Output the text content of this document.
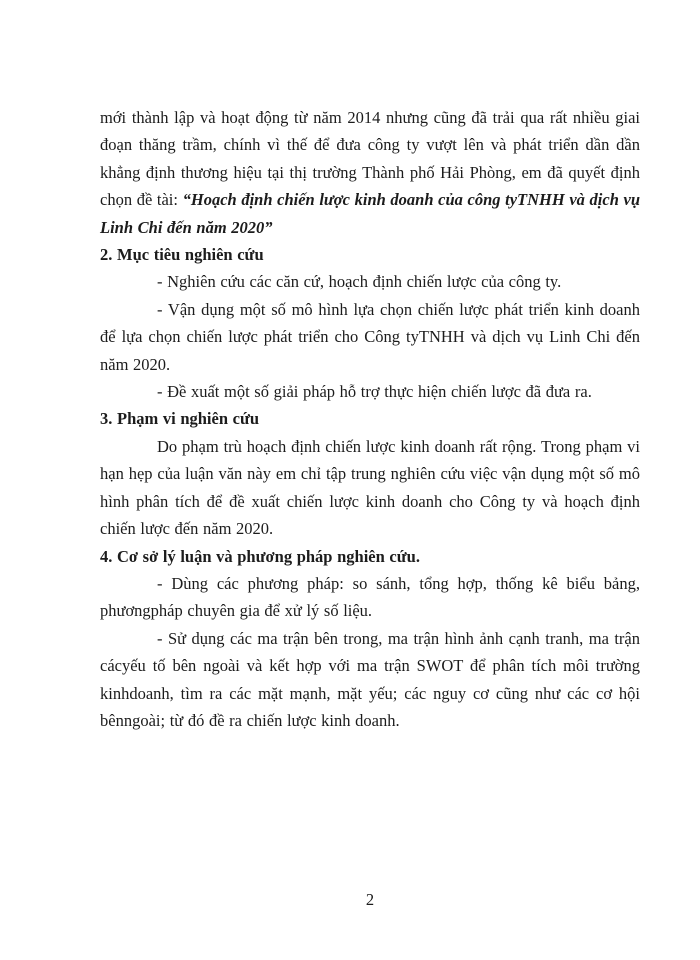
mới thành lập và hoạt động từ năm 2014 nhưng cũng đã trải qua rất nhiều giai đoạn thăng trầm, chính vì thế để đưa công ty vượt lên và phát triển dần dần khẳng định thương hiệu tại thị trường Thành phố Hải Phòng, em đã quyết định chọn đề tài: “Hoạch định chiến lược kinh doanh của công tyTNHH và dịch vụ Linh Chi đến năm 2020”

2. Mục tiêu nghiên cứu

- Nghiên cứu các căn cứ, hoạch định chiến lược của công ty.

- Vận dụng một số mô hình lựa chọn chiến lược phát triển kinh doanh để lựa chọn chiến lược phát triển cho Công tyTNHH và dịch vụ Linh Chi đến năm 2020.

- Đề xuất một số giải pháp hỗ trợ thực hiện chiến lược đã đưa ra.

3. Phạm vi nghiên cứu

Do phạm trù hoạch định chiến lược kinh doanh rất rộng. Trong phạm vi hạn hẹp của luận văn này em chỉ tập trung nghiên cứu việc vận dụng một số mô hình phân tích để đề xuất chiến lược kinh doanh cho Công ty và hoạch định chiến lược đến năm 2020.

4. Cơ sở lý luận và phương pháp nghiên cứu.

- Dùng các phương pháp: so sánh, tổng hợp, thống kê biểu bảng, phươngpháp chuyên gia để xử lý số liệu.

- Sử dụng các ma trận bên trong, ma trận hình ảnh cạnh tranh, ma trận cácyếu tố bên ngoài và kết hợp với ma trận SWOT để phân tích môi trường kinhdoanh, tìm ra các mặt mạnh, mặt yếu; các nguy cơ cũng như các cơ hội bênngoài; từ đó đề ra chiến lược kinh doanh.

2
